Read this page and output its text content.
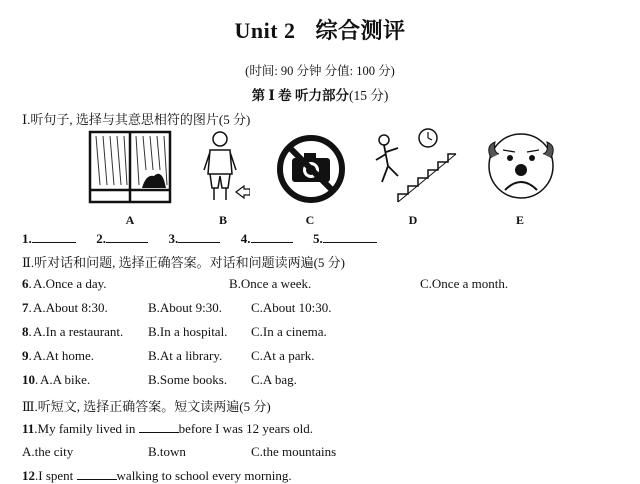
Unit 2 综合测评
(时间: 90 分钟 分值: 100 分)
第 Ⅰ 卷 听力部分(15 分)
Ⅰ.听句子, 选择与其意思相符的图片(5 分)
A	B	C	D	E
1.	2.	3.	4.	5.
Ⅱ.听对话和问题, 选择正确答案。对话和问题读两遍(5 分)
6. A.Once a day.	B.Once a week.	C.Once a month.
7. A.About 8:30.	B.About 9:30. C.About 10:30.
8. A.In a restaurant. B.In a hospital. C.In a cinema.
9. A.At home.	B.At a library. C.At a park.
10. A.A bike.	B.Some books. C.A bag.
Ⅲ.听短文, 选择正确答案。短文读两遍(5 分)
11.My family lived in	before I was 12 years old.
A.the city	B.town	C.the mountains
12.I spent	walking to school every morning.
